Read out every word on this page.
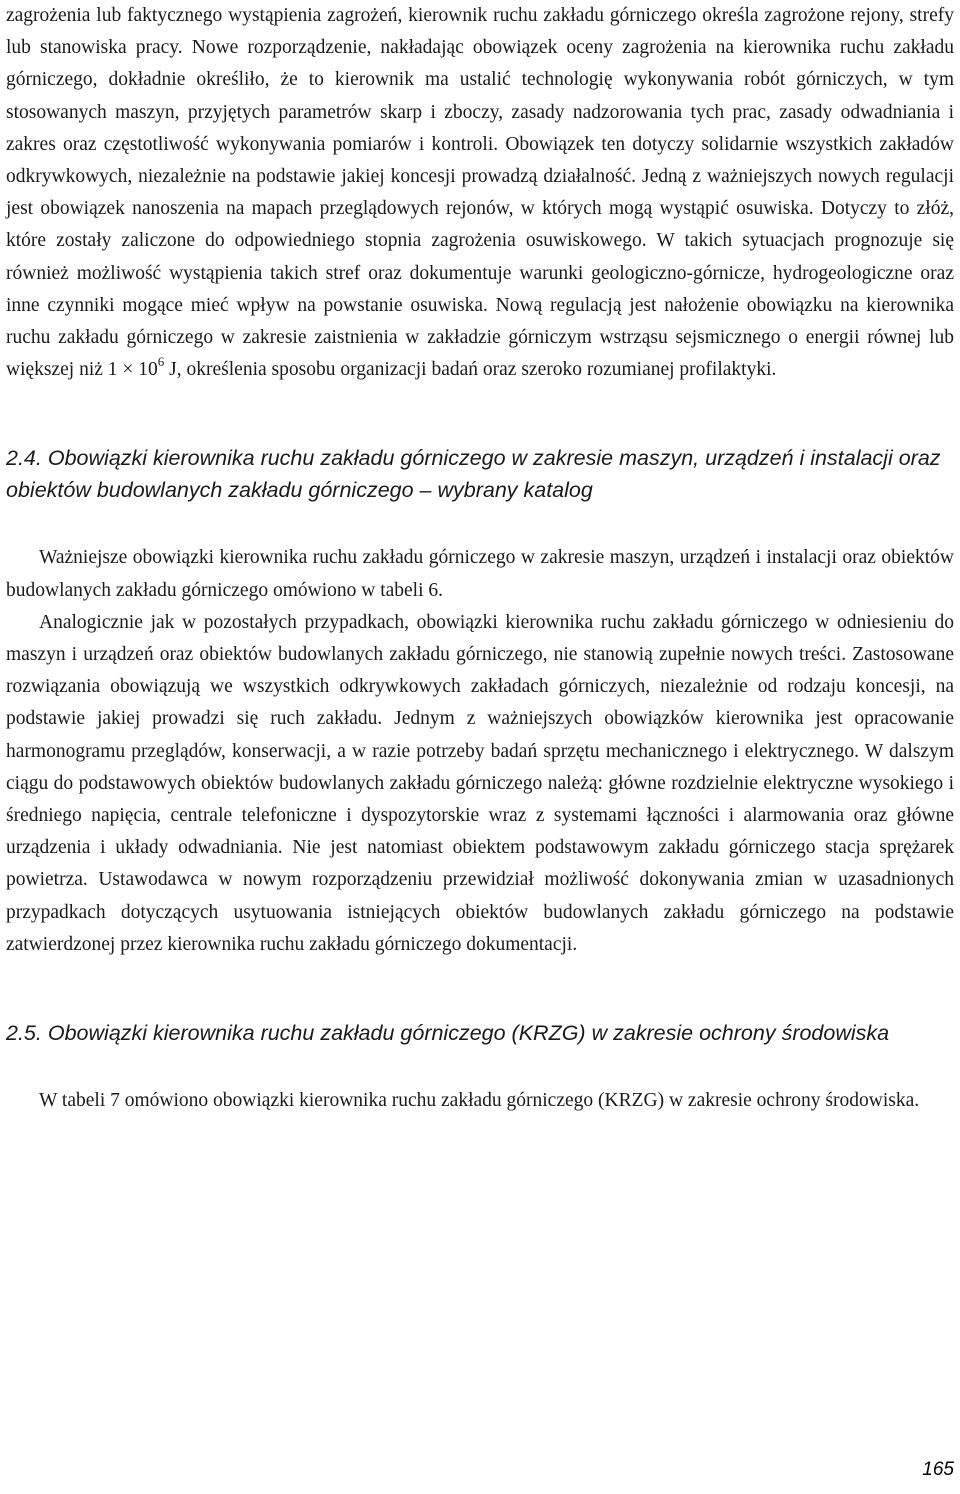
zagrożenia lub faktycznego wystąpienia zagrożeń, kierownik ruchu zakładu górniczego określa zagrożone rejony, strefy lub stanowiska pracy. Nowe rozporządzenie, nakładając obowiązek oceny zagrożenia na kierownika ruchu zakładu górniczego, dokładnie określiło, że to kierownik ma ustalić technologię wykonywania robót górniczych, w tym stosowanych maszyn, przyjętych parametrów skarp i zboczy, zasady nadzorowania tych prac, zasady odwadniania i zakres oraz częstotliwość wykonywania pomiarów i kontroli. Obowiązek ten dotyczy solidarnie wszystkich zakładów odkrywkowych, niezależnie na podstawie jakiej koncesji prowadzą działalność. Jedną z ważniejszych nowych regulacji jest obowiązek nanoszenia na mapach przeglądowych rejonów, w których mogą wystąpić osuwiska. Dotyczy to złóż, które zostały zaliczone do odpowiedniego stopnia zagrożenia osuwiskowego. W takich sytuacjach prognozuje się również możliwość wystąpienia takich stref oraz dokumentuje warunki geologiczno-górnicze, hydrogeologiczne oraz inne czynniki mogące mieć wpływ na powstanie osuwiska. Nową regulacją jest nałożenie obowiązku na kierownika ruchu zakładu górniczego w zakresie zaistnienia w zakładzie górniczym wstrząsu sejsmicznego o energii równej lub większej niż $1 \times 10^6$ J, określenia sposobu organizacji badań oraz szeroko rozumianej profilaktyki.

2.4. Obowiązki kierownika ruchu zakładu górniczego w zakresie maszyn, urządzeń i instalacji oraz obiektów budowlanych zakładu górniczego – wybrany katalog

Ważniejsze obowiązki kierownika ruchu zakładu górniczego w zakresie maszyn, urządzeń i instalacji oraz obiektów budowlanych zakładu górniczego omówiono w tabeli 6.

Analogicznie jak w pozostałych przypadkach, obowiązki kierownika ruchu zakładu górniczego w odniesieniu do maszyn i urządzeń oraz obiektów budowlanych zakładu górniczego, nie stanowią zupełnie nowych treści. Zastosowane rozwiązania obowiązują we wszystkich odkrywkowych zakładach górniczych, niezależnie od rodzaju koncesji, na podstawie jakiej prowadzi się ruch zakładu. Jednym z ważniejszych obowiązków kierownika jest opracowanie harmonogramu przeglądów, konserwacji, a w razie potrzeby badań sprzętu mechanicznego i elektrycznego. W dalszym ciągu do podstawowych obiektów budowlanych zakładu górniczego należą: główne rozdzielnie elektryczne wysokiego i średniego napięcia, centrale telefoniczne i dyspozytorskie wraz z systemami łączności i alarmowania oraz główne urządzenia i układy odwadniania. Nie jest natomiast obiektem podstawowym zakładu górniczego stacja sprężarek powietrza. Ustawodawca w nowym rozporządzeniu przewidział możliwość dokonywania zmian w uzasadnionych przypadkach dotyczących usytuowania istniejących obiektów budowlanych zakładu górniczego na podstawie zatwierdzonej przez kierownika ruchu zakładu górniczego dokumentacji.

2.5. Obowiązki kierownika ruchu zakładu górniczego (KRZG) w zakresie ochrony środowiska

W tabeli 7 omówiono obowiązki kierownika ruchu zakładu górniczego (KRZG) w zakresie ochrony środowiska.

165
